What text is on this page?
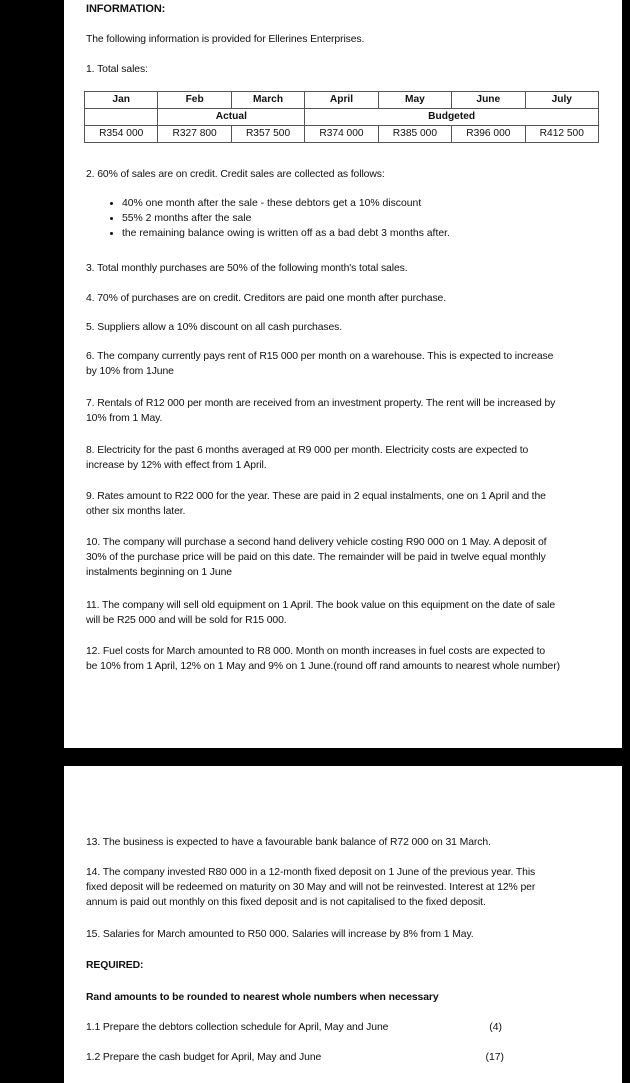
INFORMATION:
The following information is provided for Ellerines Enterprises.
1. Total sales:
Jan	Feb	March	April	May	June	July
	Actual		Budgeted			
R354 000	R327 800	R357 500	R374 000	R385 000	R396 000	R412 500
2. 60% of sales are on credit. Credit sales are collected as follows:
• 40% one month after the sale - these debtors get a 10% discount
• 55% 2 months after the sale
• the remaining balance owing is written off as a bad debt 3 months after.
3. Total monthly purchases are 50% of the following month's total sales.
4. 70% of purchases are on credit. Creditors are paid one month after purchase.
5. Suppliers allow a 10% discount on all cash purchases.
6. The company currently pays rent of R15 000 per month on a warehouse. This is expected to increase
by 10% from 1June
7. Rentals of R12 000 per month are received from an investment property. The rent will be increased by
10% from 1 May.
8. Electricity for the past 6 months averaged at R9 000 per month. Electricity costs are expected to
increase by 12% with effect from 1 April.
9. Rates amount to R22 000 for the year. These are paid in 2 equal instalments, one on 1 April and the
other six months later.
10. The company will purchase a second hand delivery vehicle costing R90 000 on 1 May. A deposit of
30% of the purchase price will be paid on this date. The remainder will be paid in twelve equal monthly
instalments beginning on 1 June
11. The company will sell old equipment on 1 April. The book value on this equipment on the date of sale
will be R25 000 and will be sold for R15 000.
12. Fuel costs for March amounted to R8 000. Month on month increases in fuel costs are expected to
be 10% from 1 April, 12% on 1 May and 9% on 1 June.(round off rand amounts to nearest whole number)
13. The business is expected to have a favourable bank balance of R72 000 on 31 March.
14. The company invested R80 000 in a 12-month fixed deposit on 1 June of the previous year. This
fixed deposit will be redeemed on maturity on 30 May and will not be reinvested. Interest at 12% per
annum is paid out monthly on this fixed deposit and is not capitalised to the fixed deposit.
15. Salaries for March amounted to R50 000. Salaries will increase by 8% from 1 May.
REQUIRED:
Rand amounts to be rounded to nearest whole numbers when necessary
1.1 Prepare the debtors collection schedule for April, May and June	(4)
1.2 Prepare the cash budget for April, May and June	(17)
